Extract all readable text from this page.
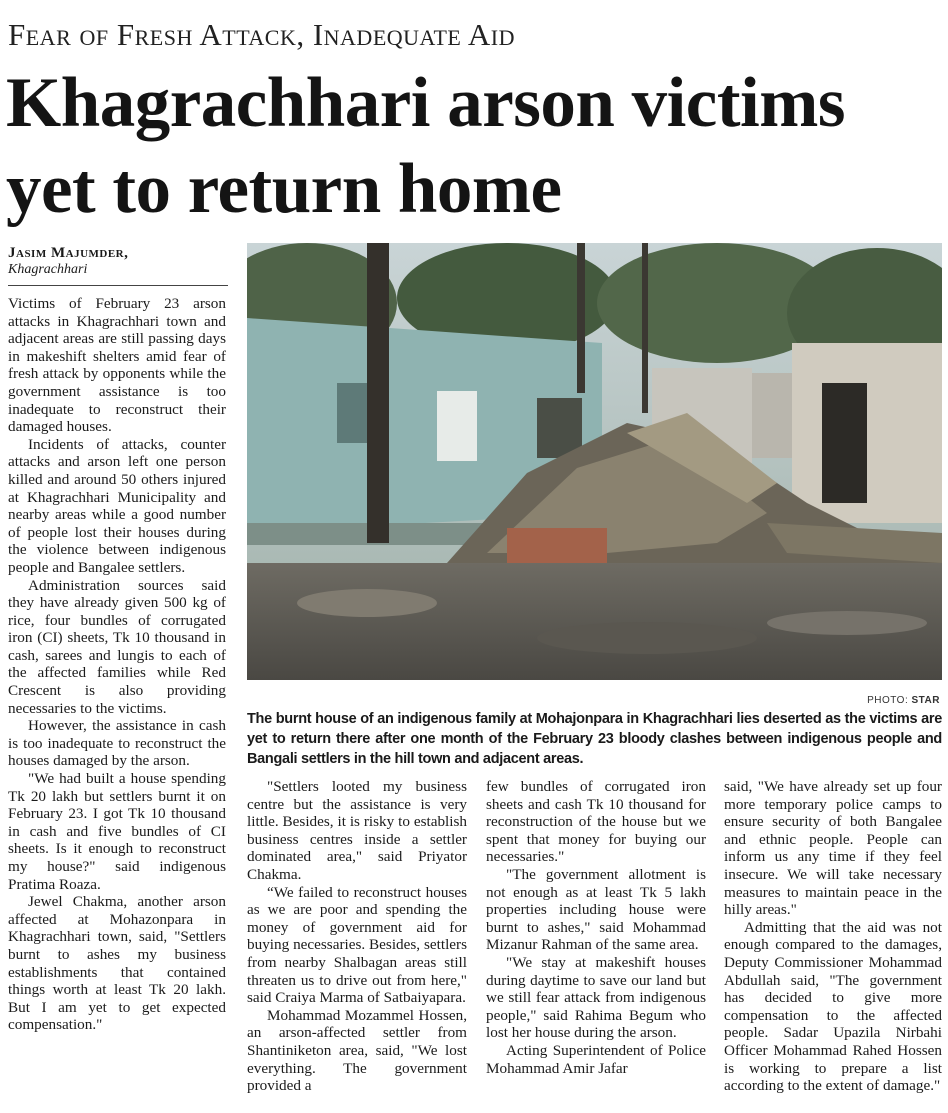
Fear of Fresh Attack, Inadequate Aid
Khagrachhari arson victims yet to return home
Jasim Majumder,
Khagrachhari
PHOTO: STAR
The burnt house of an indigenous family at Mohajonpara in Khagrachhari lies deserted as the victims are yet to return there after one month of the February 23 bloody clashes between indigenous people and Bangali settlers in the hill town and adjacent areas.

Victims of February 23 arson attacks in Khagrachhari town and adjacent areas are still passing days in makeshift shelters amid fear of fresh attack by opponents while the government assistance is too inadequate to reconstruct their damaged houses.

Incidents of attacks, counter attacks and arson left one person killed and around 50 others injured at Khagrachhari Municipality and nearby areas while a good number of people lost their houses during the violence between indigenous people and Bangalee settlers.

Administration sources said they have already given 500 kg of rice, four bundles of corrugated iron (CI) sheets, Tk 10 thousand in cash, sarees and lungis to each of the affected families while Red Crescent is also providing necessaries to the victims.

However, the assistance in cash is too inadequate to reconstruct the houses damaged by the arson.

"We had built a house spending Tk 20 lakh but settlers burnt it on February 23. I got Tk 10 thousand in cash and five bundles of CI sheets. Is it enough to reconstruct my house?" said indigenous Pratima Roaza.

Jewel Chakma, another arson affected at Mohazonpara in Khagrachhari town, said, "Settlers burnt to ashes my business establishments that contained things worth at least Tk 20 lakh. But I am yet to get expected compensation."

"Settlers looted my business centre but the assistance is very little. Besides, it is risky to establish business centres inside a settler dominated area," said Priyator Chakma.

“We failed to reconstruct houses as we are poor and spending the money of government aid for buying necessaries. Besides, settlers from nearby Shalbagan areas still threaten us to drive out from here," said Craiya Marma of Satbaiyapara.

Mohammad Mozammel Hossen, an arson-affected settler from Shantiniketon area, said, "We lost everything. The government provided a

few bundles of corrugated iron sheets and cash Tk 10 thousand for reconstruction of the house but we spent that money for buying our necessaries."

"The government allotment is not enough as at least Tk 5 lakh properties including house were burnt to ashes," said Mohammad Mizanur Rahman of the same area.

"We stay at makeshift houses during daytime to save our land but we still fear attack from indigenous people," said Rahima Begum who lost her house during the arson.

Acting Superintendent of Police Mohammad Amir Jafar

said, "We have already set up four more temporary police camps to ensure security of both Bangalee and ethnic people. People can inform us any time if they feel insecure. We will take necessary measures to maintain peace in the hilly areas."

Admitting that the aid was not enough compared to the damages, Deputy Commissioner Mohammad Abdullah said, "The government has decided to give more compensation to the affected people. Sadar Upazila Nirbahi Officer Mohammad Rahed Hossen is working to prepare a list according to the extent of damage."
